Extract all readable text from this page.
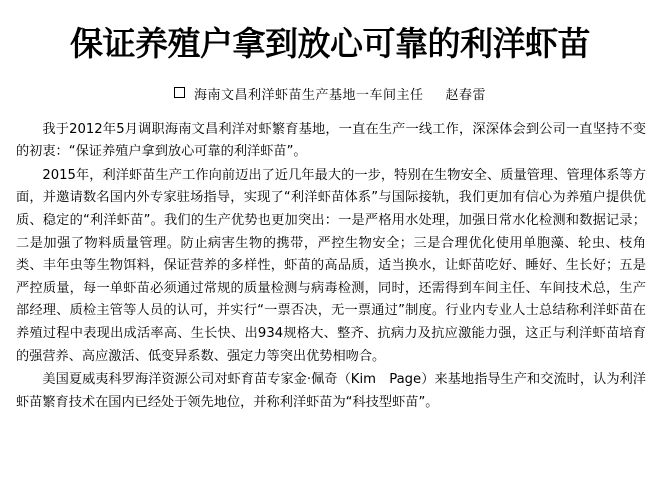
保证养殖户拿到放心可靠的利洋虾苗
海南文昌利洋虾苗生产基地一车间主任 赵春雷

我于2012年5月调职海南文昌利洋对虾繁育基地，一直在生产一线工作，深深体会到公司一直坚持不变的初衷：“保证养殖户拿到放心可靠的利洋虾苗”。

2015年，利洋虾苗生产工作向前迈出了近几年最大的一步，特别在生物安全、质量管理、管理体系等方面，并邀请数名国内外专家驻场指导，实现了“利洋虾苗体系”与国际接轨，我们更加有信心为养殖户提供优质、稳定的“利洋虾苗”。我们的生产优势也更加突出：一是严格用水处理，加强日常水化检测和数据记录；二是加强了物料质量管理。防止病害生物的携带，严控生物安全；三是合理优化使用单胞藻、轮虫、枝角类、丰年虫等生物饵料，保证营养的多样性，虾苗的高品质，适当换水，让虾苗吃好、睡好、生长好；五是严控质量，每一单虾苗必须通过常规的质量检测与病毒检测，同时，还需得到车间主任、车间技术总，生产部经理、质检主管等人员的认可，并实行“一票否决，无一票通过”制度。行业内专业人士总结称利洋虾苗在养殖过程中表现出成活率高、生长快、出934规格大、整齐、抗病力及抗应激能力强，这正与利洋虾苗培育的强营养、高应激活、低变异系数、强定力等突出优势相吻合。

美国夏威夷科罗海洋资源公司对虾育苗专家金·佩奇（Kim　Page）来基地指导生产和交流时，认为利洋虾苗繁育技术在国内已经处于领先地位，并称利洋虾苗为“科技型虾苗”。
